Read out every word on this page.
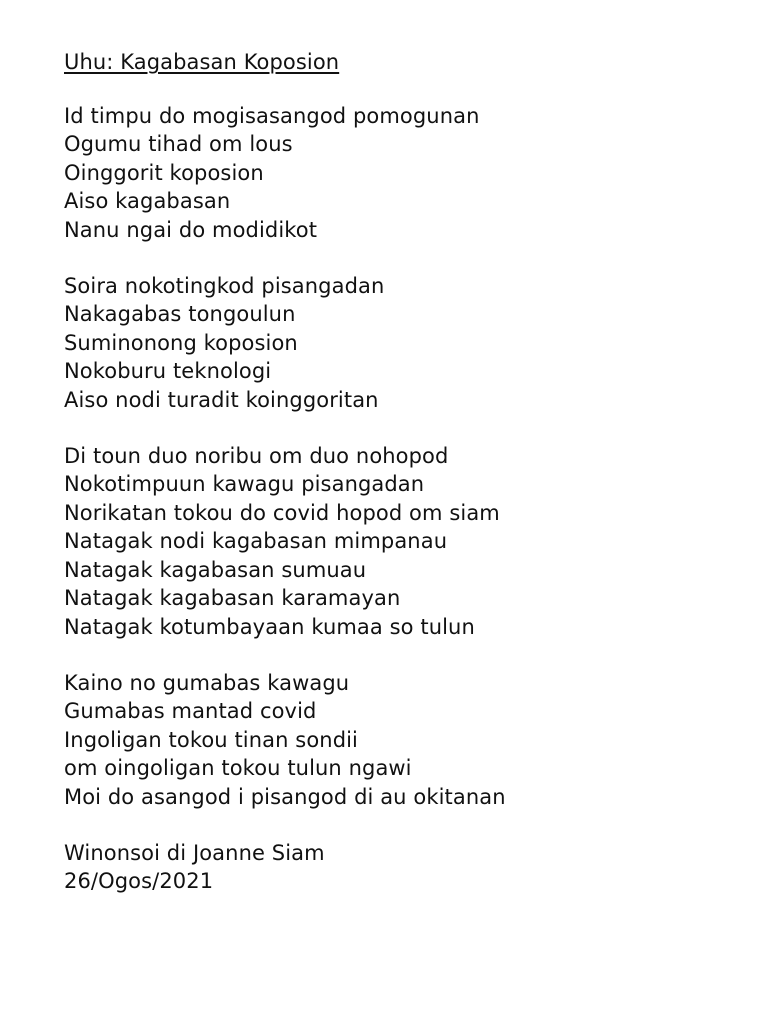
Uhu: Kagabasan Koposion
Id timpu do mogisasangod pomogunan
Ogumu tihad om lous
Oinggorit koposion
Aiso kagabasan
Nanu ngai do modidikot
Soira nokotingkod pisangadan
Nakagabas tongoulun
Suminonong koposion
Nokoburu teknologi
Aiso nodi turadit koinggoritan
Di toun duo noribu om duo nohopod
Nokotimpuun kawagu pisangadan
Norikatan tokou do covid hopod om siam
Natagak nodi kagabasan mimpanau
Natagak kagabasan sumuau
Natagak kagabasan karamayan
Natagak kotumbayaan kumaa so tulun
Kaino no gumabas kawagu
Gumabas mantad covid
Ingoligan tokou tinan sondii
om oingoligan tokou tulun ngawi
Moi do asangod i pisangod di au okitanan
Winonsoi di Joanne Siam
26/Ogos/2021
